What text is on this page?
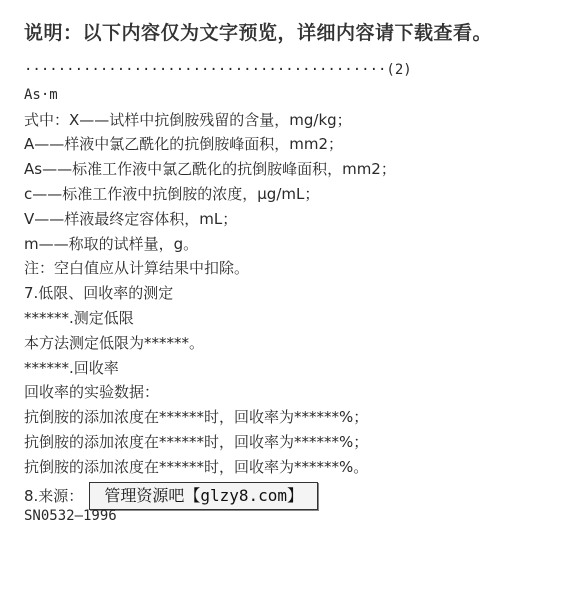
说明：以下内容仅为文字预览，详细内容请下载查看。
···········································(2)
As·m
式中：X——试样中抗倒胺残留的含量，mg/kg；
A——样液中氯乙酰化的抗倒胺峰面积，mm2；
As——标准工作液中氯乙酰化的抗倒胺峰面积，mm2；
c——标准工作液中抗倒胺的浓度，μg/mL；
V——样液最终定容体积，mL；
m——称取的试样量，g。
注：空白值应从计算结果中扣除。
7.低限、回收率的测定
******.测定低限
本方法测定低限为******。
******.回收率
回收率的实验数据：
抗倒胺的添加浓度在******时，回收率为******%；
抗倒胺的添加浓度在******时，回收率为******%；
抗倒胺的添加浓度在******时，回收率为******%。
8.来源：	管理资源吧【glzy8.com】
SN0532—1996
